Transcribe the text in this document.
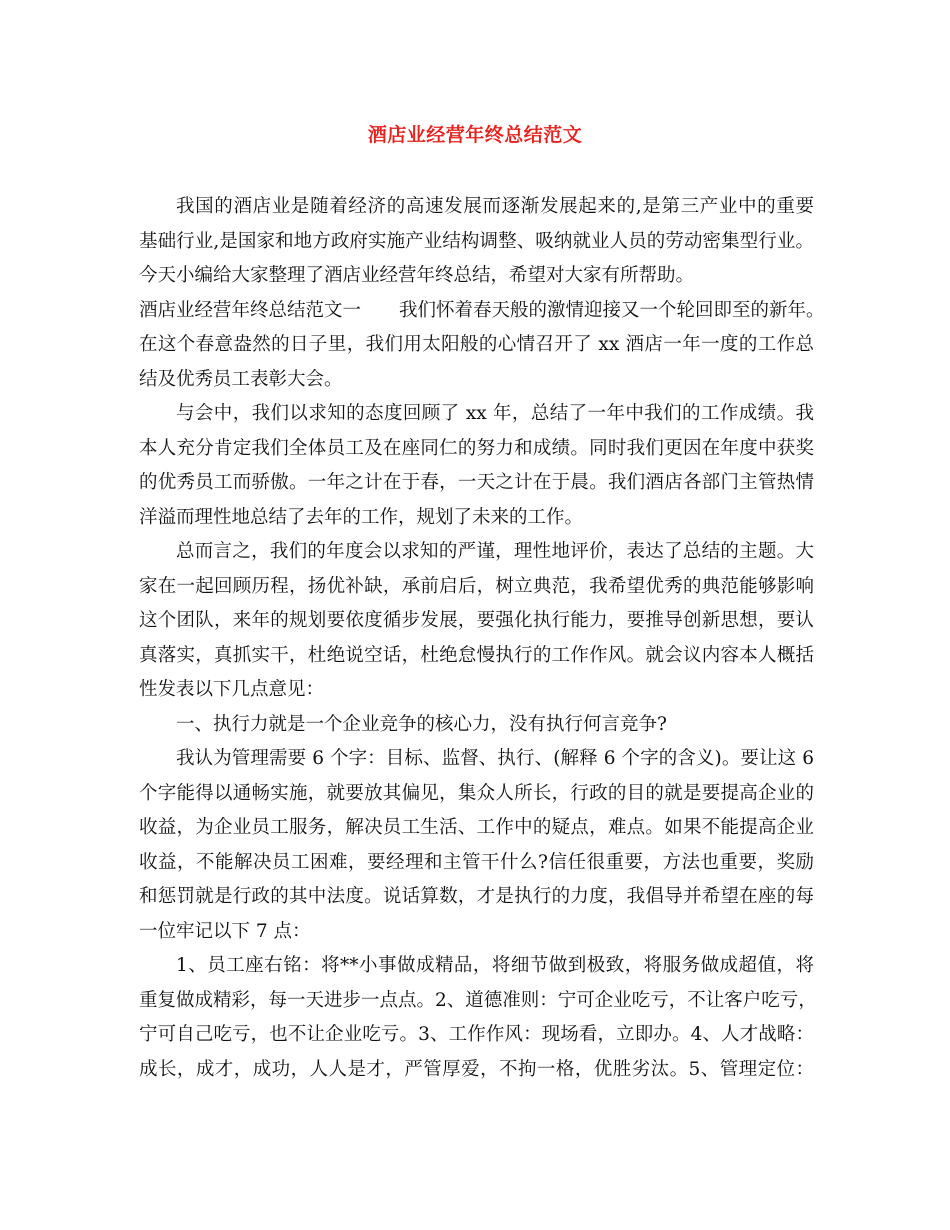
酒店业经营年终总结范文
我国的酒店业是随着经济的高速发展而逐渐发展起来的,是第三产业中的重要
基础行业,是国家和地方政府实施产业结构调整、吸纳就业人员的劳动密集型行业。
今天小编给大家整理了酒店业经营年终总结，希望对大家有所帮助。
酒店业经营年终总结范文一 我们怀着春天般的激情迎接又一个轮回即至的新年。
在这个春意盎然的日子里，我们用太阳般的心情召开了 xx 酒店一年一度的工作总
结及优秀员工表彰大会。
与会中，我们以求知的态度回顾了 xx 年，总结了一年中我们的工作成绩。我
本人充分肯定我们全体员工及在座同仁的努力和成绩。同时我们更因在年度中获奖
的优秀员工而骄傲。一年之计在于春，一天之计在于晨。我们酒店各部门主管热情
洋溢而理性地总结了去年的工作，规划了未来的工作。
总而言之，我们的年度会以求知的严谨，理性地评价，表达了总结的主题。大
家在一起回顾历程，扬优补缺，承前启后，树立典范，我希望优秀的典范能够影响
这个团队，来年的规划要依度循步发展，要强化执行能力，要推导创新思想，要认
真落实，真抓实干，杜绝说空话，杜绝怠慢执行的工作作风。就会议内容本人概括
性发表以下几点意见：
一、执行力就是一个企业竞争的核心力，没有执行何言竞争?
我认为管理需要 6 个字：目标、监督、执行、(解释 6 个字的含义)。要让这 6
个字能得以通畅实施，就要放其偏见，集众人所长，行政的目的就是要提高企业的
收益，为企业员工服务，解决员工生活、工作中的疑点，难点。如果不能提高企业
收益，不能解决员工困难，要经理和主管干什么?信任很重要，方法也重要，奖励
和惩罚就是行政的其中法度。说话算数，才是执行的力度，我倡导并希望在座的每
一位牢记以下 7 点：
1、员工座右铭：将**小事做成精品，将细节做到极致，将服务做成超值，将
重复做成精彩，每一天进步一点点。2、道德准则：宁可企业吃亏，不让客户吃亏，
宁可自己吃亏，也不让企业吃亏。3、工作作风：现场看，立即办。4、人才战略：
成长，成才，成功，人人是才，严管厚爱，不拘一格，优胜劣汰。5、管理定位：
